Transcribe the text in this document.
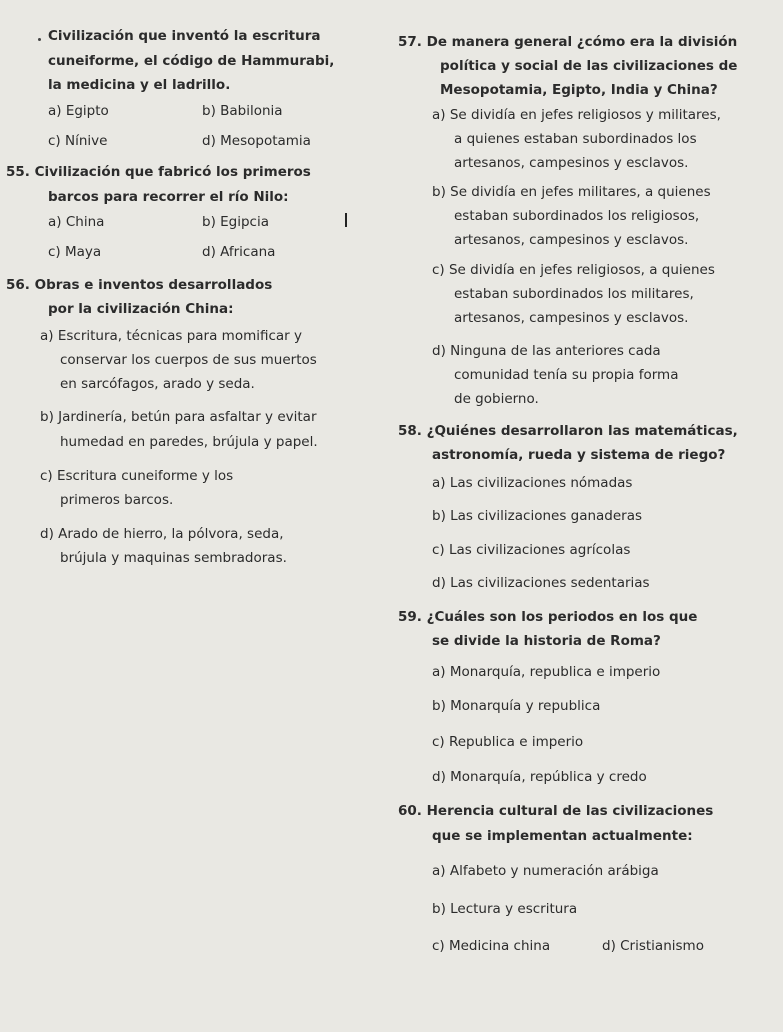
Civilización que inventó la escritura
cuneiforme, el código de Hammurabi,
la medicina y el ladrillo.
a) Egipto	b) Babilonia
c) Nínive	d) Mesopotamia
55. Civilización que fabricó los primeros
barcos para recorrer el río Nilo:
a) China	b) Egipcia
c) Maya	d) Africana
56. Obras e inventos desarrollados
por la civilización China:
a) Escritura, técnicas para momificar y
conservar los cuerpos de sus muertos
en sarcófagos, arado y seda.
b) Jardinería, betún para asfaltar y evitar
humedad en paredes, brújula y papel.
c) Escritura cuneiforme y los
primeros barcos.
d) Arado de hierro, la pólvora, seda,
brújula y maquinas sembradoras.
57. De manera general ¿cómo era la división
política y social de las civilizaciones de
Mesopotamia, Egipto, India y China?
a) Se dividía en jefes religiosos y militares,
a quienes estaban subordinados los
artesanos, campesinos y esclavos.
b) Se dividía en jefes militares, a quienes
estaban subordinados los religiosos,
artesanos, campesinos y esclavos.
c) Se dividía en jefes religiosos, a quienes
estaban subordinados los militares,
artesanos, campesinos y esclavos.
d) Ninguna de las anteriores cada
comunidad tenía su propia forma
de gobierno.
58. ¿Quiénes desarrollaron las matemáticas,
astronomía, rueda y sistema de riego?
a) Las civilizaciones nómadas
b) Las civilizaciones ganaderas
c) Las civilizaciones agrícolas
d) Las civilizaciones sedentarias
59. ¿Cuáles son los periodos en los que
se divide la historia de Roma?
a) Monarquía, republica e imperio
b) Monarquía y republica
c) Republica e imperio
d) Monarquía, república y credo
60. Herencia cultural de las civilizaciones
que se implementan actualmente:
a) Alfabeto y numeración arábiga
b) Lectura y escritura
c) Medicina china	d) Cristianismo
